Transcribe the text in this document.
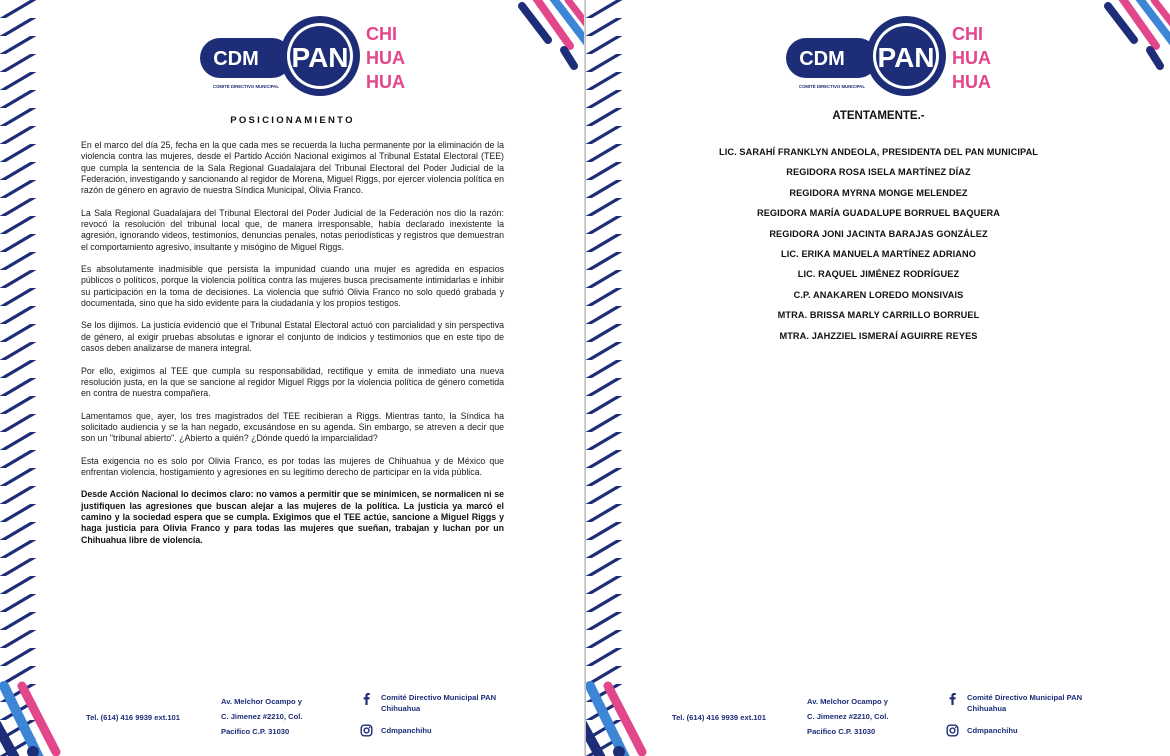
CDM
COMITÉ DIRECTIVO MUNICIPAL
PAN
CHI
HUA
HUA
POSICIONAMIENTO

En el marco del día 25, fecha en la que cada mes se recuerda la lucha permanente por la eliminación de la violencia contra las mujeres, desde el Partido Acción Nacional exigimos al Tribunal Estatal Electoral (TEE) que cumpla la sentencia de la Sala Regional Guadalajara del Tribunal Electoral del Poder Judicial de la Federación, investigando y sancionando al regidor de Morena, Miguel Riggs, por ejercer violencia política en razón de género en agravio de nuestra Síndica Municipal, Olivia Franco.

La Sala Regional Guadalajara del Tribunal Electoral del Poder Judicial de la Federación nos dio la razón: revocó la resolución del tribunal local que, de manera irresponsable, había declarado inexistente la agresión, ignorando videos, testimonios, denuncias penales, notas periodísticas y registros que demuestran el comportamiento agresivo, insultante y misógino de Miguel Riggs.

Es absolutamente inadmisible que persista la impunidad cuando una mujer es agredida en espacios públicos o políticos, porque la violencia política contra las mujeres busca precisamente intimidarlas e inhibir su participación en la toma de decisiones. La violencia que sufrió Olivia Franco no solo quedó grabada y documentada, sino que ha sido evidente para la ciudadanía y los propios testigos.

Se los dijimos. La justicia evidenció que el Tribunal Estatal Electoral actuó con parcialidad y sin perspectiva de género, al exigir pruebas absolutas e ignorar el conjunto de indicios y testimonios que en este tipo de casos deben analizarse de manera integral.

Por ello, exigimos al TEE que cumpla su responsabilidad, rectifique y emita de inmediato una nueva resolución justa, en la que se sancione al regidor Miguel Riggs por la violencia política de género cometida en contra de nuestra compañera.

Lamentamos que, ayer, los tres magistrados del TEE recibieran a Riggs. Mientras tanto, la Síndica ha solicitado audiencia y se la han negado, excusándose en su agenda. Sin embargo, se atreven a decir que son un "tribunal abierto". ¿Abierto a quién? ¿Dónde quedó la imparcialidad?

Esta exigencia no es solo por Olivia Franco, es por todas las mujeres de Chihuahua y de México que enfrentan violencia, hostigamiento y agresiones en su legítimo derecho de participar en la vida pública.

Desde Acción Nacional lo decimos claro: no vamos a permitir que se minimicen, se normalicen ni se justifiquen las agresiones que buscan alejar a las mujeres de la política. La justicia ya marcó el camino y la sociedad espera que se cumpla. Exigimos que el TEE actúe, sancione a Miguel Riggs y haga justicia para Olivia Franco y para todas las mujeres que sueñan, trabajan y luchan por un Chihuahua libre de violencia.

Tel. (614) 416 9939 ext.101
Av. Melchor Ocampo y
C. Jimenez #2210, Col.
Pacifico C.P. 31030
Comité Directivo Municipal PAN Chihuahua
Cdmpanchihu
CDM
COMITÉ DIRECTIVO MUNICIPAL
PAN
CHI
HUA
HUA
ATENTAMENTE.-
LIC. SARAHÍ FRANKLYN ANDEOLA, PRESIDENTA DEL PAN MUNICIPAL
REGIDORA ROSA ISELA MARTÍNEZ DÍAZ
REGIDORA MYRNA MONGE MELENDEZ
REGIDORA MARÍA GUADALUPE BORRUEL BAQUERA
REGIDORA JONI JACINTA BARAJAS GONZÁLEZ
LIC. ERIKA MANUELA MARTÍNEZ ADRIANO
LIC. RAQUEL JIMÉNEZ RODRÍGUEZ
C.P. ANAKAREN LOREDO MONSIVAIS
MTRA. BRISSA MARLY CARRILLO BORRUEL
MTRA. JAHZZIEL ISMERAÍ AGUIRRE REYES
Tel. (614) 416 9939 ext.101
Av. Melchor Ocampo y
C. Jimenez #2210, Col.
Pacifico C.P. 31030
Comité Directivo Municipal PAN Chihuahua
Cdmpanchihu
